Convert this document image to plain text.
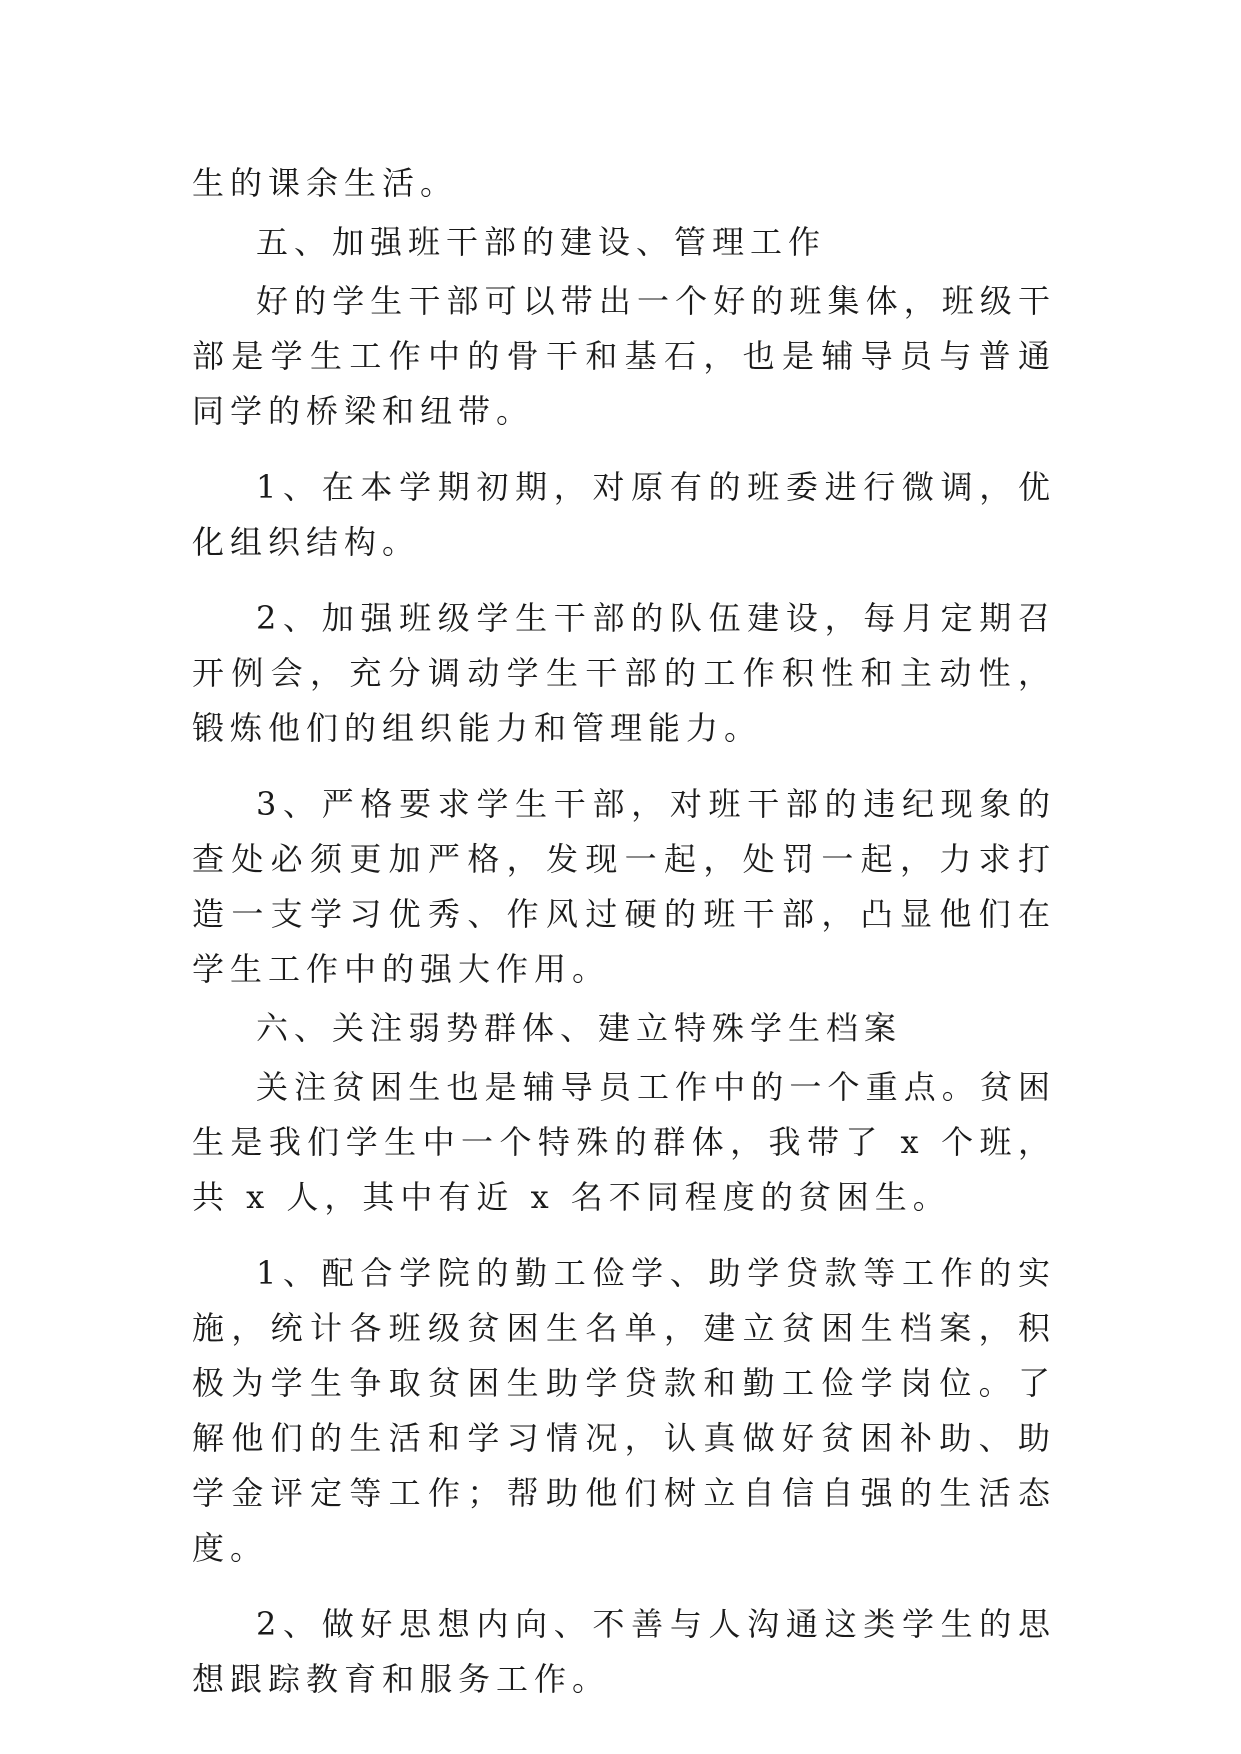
生的课余生活。

五、加强班干部的建设、管理工作

好的学生干部可以带出一个好的班集体，班级干部是学生工作中的骨干和基石，也是辅导员与普通同学的桥梁和纽带。

1、在本学期初期，对原有的班委进行微调，优化组织结构。

2、加强班级学生干部的队伍建设，每月定期召开例会，充分调动学生干部的工作积性和主动性，锻炼他们的组织能力和管理能力。

3、严格要求学生干部，对班干部的违纪现象的查处必须更加严格，发现一起，处罚一起，力求打造一支学习优秀、作风过硬的班干部，凸显他们在学生工作中的强大作用。

六、关注弱势群体、建立特殊学生档案

关注贫困生也是辅导员工作中的一个重点。贫困生是我们学生中一个特殊的群体，我带了 x 个班，共 x 人，其中有近 x 名不同程度的贫困生。

1、配合学院的勤工俭学、助学贷款等工作的实施，统计各班级贫困生名单，建立贫困生档案，积极为学生争取贫困生助学贷款和勤工俭学岗位。了解他们的生活和学习情况，认真做好贫困补助、助学金评定等工作；帮助他们树立自信自强的生活态度。

2、做好思想内向、不善与人沟通这类学生的思想跟踪教育和服务工作。
